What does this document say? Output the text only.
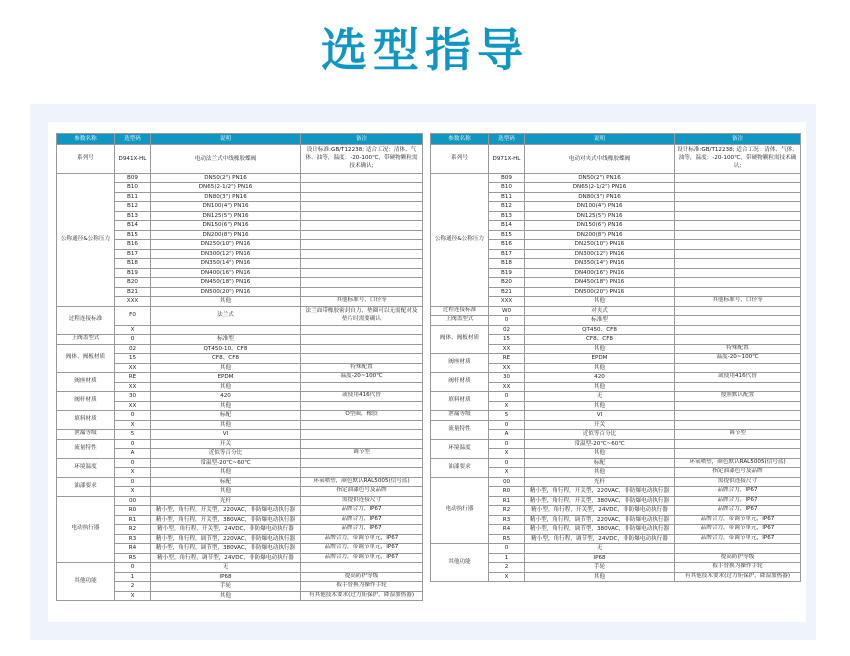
选型指导
参数名称	选型码	说明	备注
系列号	D941X-HL	电动法兰式中线橡胶蝶阀	设计标准:GB/T12238; 适合工况：清体、气体、油等，温度：-20-100℃，带硬物颗粒需技术确认;
公称通径&公称压力	B09	DN50(2") PN16	
	B10	DN65(2-1/2") PN16	
	B11	DN80(3") PN16	
	B12	DN100(4") PN16	
	B13	DN125(5") PN16	
	B14	DN150(6") PN16	
	B15	DN200(8") PN16	
	B16	DN250(10") PN16	
	B17	DN300(12") PN16	
	B18	DN350(14") PN16	
	B19	DN400(16") PN16	
	B20	DN450(18") PN16	
	B21	DN500(20") PN16	
	XXX	其他	其他标准号，口径等
过程连接标准	F0	法兰式	法兰面带橡胶密封自力，垫圈可以无需配对及垫片时需要确认
	X		
上阀盖型式	0	标准型	
阀体、阀板材质	02	QT450-10、CF8	
	15	CF8、CF8	
	XX	其他	特殊配置
阀座材质	RE	EPDM	温度-20~100℃
	XX	其他	
阀杆材质	30	420	或使用416代替
	XX	其他	
填料材质	0	标配	O型圈，橡胶
	X	其他	
泄漏等级	5	VI	
流量特性	0	开关	
	A	近似等百分比	调节型
环境温度	0	常温型-20℃~60℃	
	X	其他	
油漆要求	0	标配	环氧喷塑，颜色默认RAL5005(信号蓝)
	X	其他	指定油漆色号及品牌
电动执行器	00	光杆	需提供连接尺寸
	R0	精小型，角行程，开关型，220VAC，非防爆电动执行器	品牌合力，IP67
	R1	精小型，角行程，开关型，380VAC，非防爆电动执行器	品牌合力，IP67
	R2	精小型，角行程，开关型，24VDC，非防爆电动执行器	品牌合力，IP67
	R3	精小型，角行程，调节型，220VAC，非防爆电动执行器	品牌合力，带调节单元，IP67
	R4	精小型，角行程，调节型，380VAC，非防爆电动执行器	品牌合力，带调节单元，IP67
	R5	精小型，角行程，调节型，24VDC，非防爆电动执行器	品牌合力，带调节单元，IP67
其他功能	0	无	
	1	IP68	提高防护等级
	2	手轮	扳手替换为操作手轮
	X	其他	有其他技术要求(过力矩保护，降湿加热器)
参数名称	选型码	说明	备注
系列号	D971X-HL	电动对夹式中线橡胶蝶阀	设计标准:GB/T12238; 适合工况：清体、气体、油等，温度：-20-100℃，带硬物颗粒需技术确认;
公称通径&公称压力	B09	DN50(2") PN16	
	B10	DN65(2-1/2") PN16	
	B11	DN80(3") PN16	
	B12	DN100(4") PN16	
	B13	DN125(5") PN16	
	B14	DN150(6") PN16	
	B15	DN200(8") PN16	
	B16	DN250(10") PN16	
	B17	DN300(12") PN16	
	B18	DN350(14") PN16	
	B19	DN400(16") PN16	
	B20	DN450(18") PN16	
	B21	DN500(20") PN16	
	XXX	其他	其他标准号，口径等
过程连接标准	W0	对夹式	
上阀盖型式	0	标准型	
阀体、阀板材质	02	QT450、CF8	
	15	CF8、CF8	
	XX	其他	特殊配置
阀座材质	RE	EPDM	温度-20~100℃
	XX	其他	
阀杆材质	30	420	或使用416代替
	XX	其他	
填料材质	0	无	按照默认配置
	X	其他	
泄漏等级	5	VI	
流量特性	0	开关	
	A	近似等百分比	调节型
环境温度	0	常温型-20℃~60℃	
	X	其他	
油漆要求	0	标配	环氧喷塑，颜色默认RAL5005(信号蓝)
	X	其他	指定油漆色号及品牌
电动执行器	00	光杆	需提供连接尺寸
	R0	精小型，角行程，开关型，220VAC，非防爆电动执行器	品牌合力，IP67
	R1	精小型，角行程，开关型，380VAC，非防爆电动执行器	品牌合力，IP67
	R2	精小型，角行程，开关型，24VDC，非防爆电动执行器	品牌合力，IP67
	R3	精小型，角行程，调节型，220VAC，非防爆电动执行器	品牌合力，带调节单元，IP67
	R4	精小型，角行程，调节型，380VAC，非防爆电动执行器	品牌合力，带调节单元，IP67
	R5	精小型，角行程，调节型，24VDC，非防爆电动执行器	品牌合力，带调节单元，IP67
其他功能	0	无	
	1	IP68	提高防护等级
	2	手轮	扳手替换为操作手轮
	X	其他	有其他技术要求(过力矩保护，降湿加热器)
